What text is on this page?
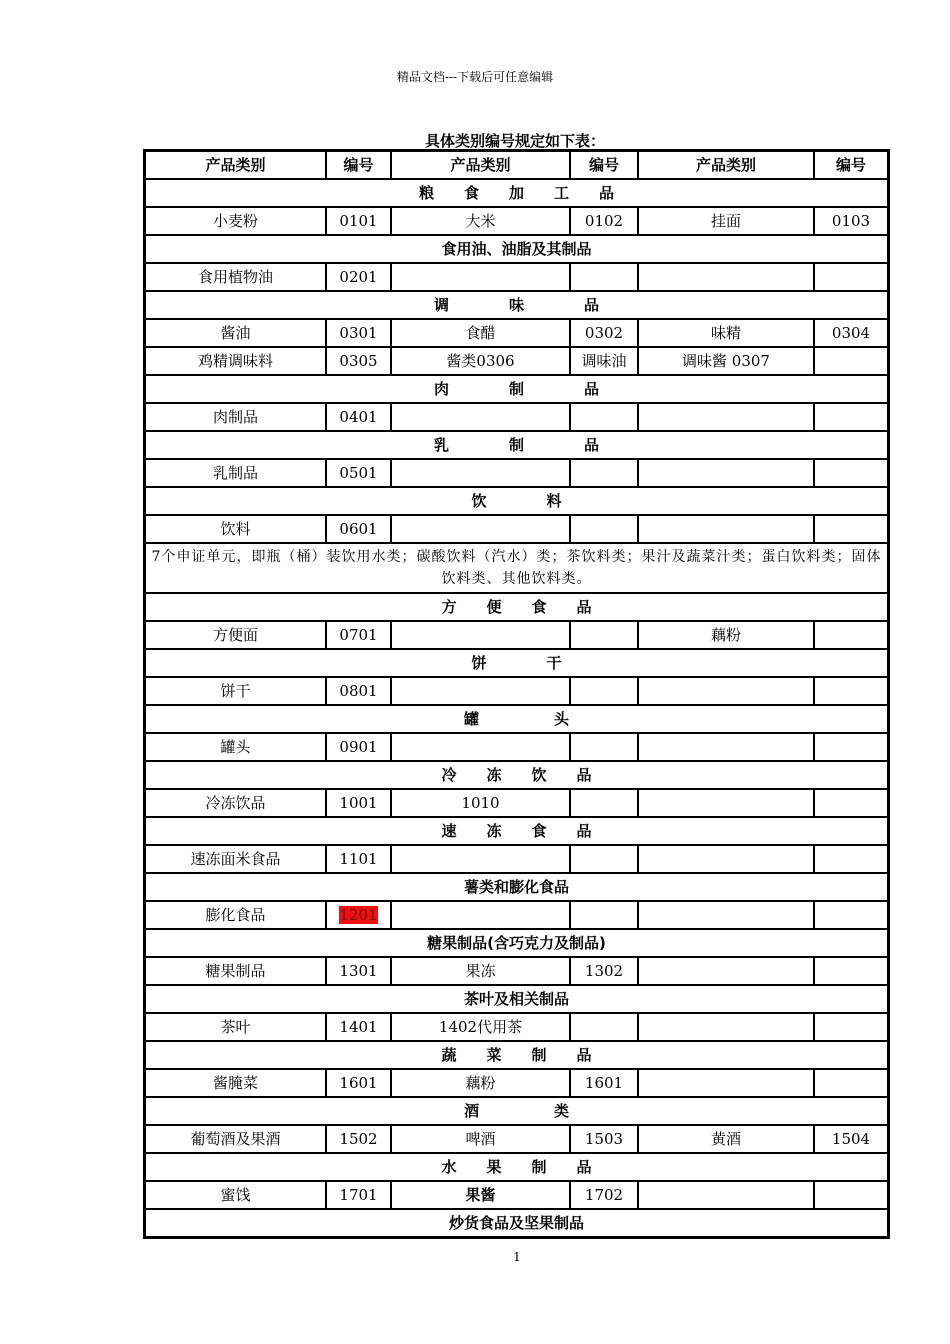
精品文档---下载后可任意编辑
具体类别编号规定如下表：
产品类别	编号	产品类别	编号	产品类别	编号
粮　　食　　加　　工　　品					
小麦粉	0101	大米	0102	挂面	0103
食用油、油脂及其制品					
食用植物油	0201				
调　　　　味　　　　品					
酱油	0301	食醋	0302	味精	0304
鸡精调味料	0305	酱类0306	调味油	调味酱 0307	
肉　　　　制　　　　品					
肉制品	0401				
乳　　　　制　　　　品					
乳制品	0501				
饮　　　　料					
饮料	0601				
7个申证单元，即瓶（桶）装饮用水类；碳酸饮料（汽水）类；茶饮料类；果汁及蔬菜汁类；蛋白饮料类；固体饮料类、其他饮料类。					
方　　便　　食　　品					
方便面	0701			藕粉	
饼　　　　干					
饼干	0801				
罐　　　　　头					
罐头	0901				
冷　　冻　　饮　　品					
冷冻饮品	1001	1010			
速　　冻　　食　　品					
速冻面米食品	1101				
薯类和膨化食品					
膨化食品	1201				
糖果制品(含巧克力及制品)					
糖果制品	1301	果冻	1302		
茶叶及相关制品					
茶叶	1401	1402代用茶			
蔬　　菜　　制　　品					
酱腌菜	1601	藕粉	1601		
酒　　　　　类					
葡萄酒及果酒	1502	啤酒	1503	黄酒	1504
水　　果　　制　　品					
蜜饯	1701	果酱	1702		
炒货食品及坚果制品					
1
